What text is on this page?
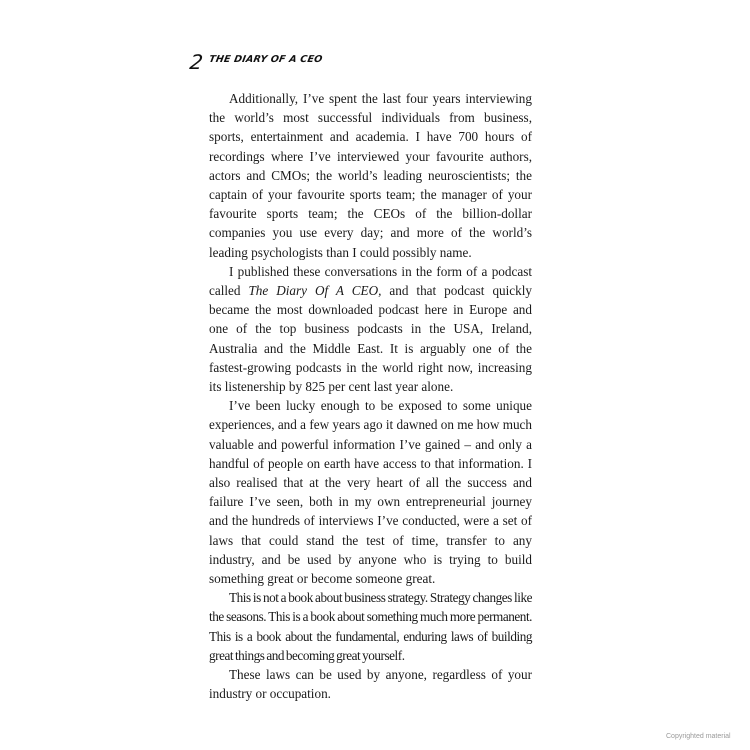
2 THE DIARY OF A CEO

Additionally, I’ve spent the last four years interviewing the world’s most successful individuals from business, sports, entertainment and academia. I have 700 hours of recordings where I’ve interviewed your favourite authors, actors and CMOs; the world’s leading neuroscientists; the captain of your favourite sports team; the manager of your favourite sports team; the CEOs of the billion-dollar companies you use every day; and more of the world’s leading psychologists than I could possibly name.

I published these conversations in the form of a podcast called The Diary Of A CEO, and that podcast quickly became the most downloaded podcast here in Europe and one of the top business podcasts in the USA, Ireland, Australia and the Middle East. It is arguably one of the fastest-growing podcasts in the world right now, increasing its listenership by 825 per cent last year alone.

I’ve been lucky enough to be exposed to some unique experiences, and a few years ago it dawned on me how much valuable and powerful information I’ve gained – and only a handful of people on earth have access to that information. I also realised that at the very heart of all the success and failure I’ve seen, both in my own entrepreneurial journey and the hundreds of interviews I’ve conducted, were a set of laws that could stand the test of time, transfer to any industry, and be used by anyone who is trying to build something great or become someone great.

This is not a book about business strategy. Strategy changes like the seasons. This is a book about something much more permanent. This is a book about the fundamental, enduring laws of building great things and becoming great yourself.

These laws can be used by anyone, regardless of your industry or occupation.

Copyrighted material
